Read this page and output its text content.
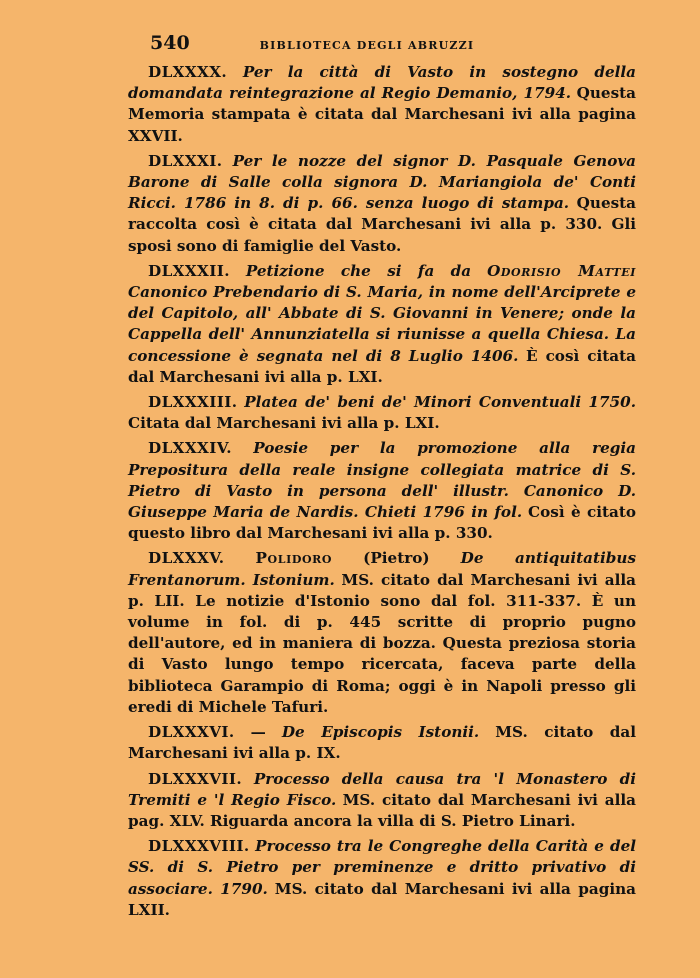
540	BIBLIOTECA DEGLI ABRUZZI

DLXXXX. Per la città di Vasto in sostegno della domandata reintegrazione al Regio Demanio, 1794. Questa Memoria stampata è citata dal Marchesani ivi alla pagina XXVII.

DLXXXI. Per le nozze del signor D. Pasquale Genova Barone di Salle colla signora D. Mariangiola de' Conti Ricci. 1786 in 8. di p. 66. senza luogo di stampa. Questa raccolta così è citata dal Marchesani ivi alla p. 330. Gli sposi sono di famiglie del Vasto.

DLXXXII. Petizione che si fa da Odorisio Mattei Canonico Prebendario di S. Maria, in nome dell'Arciprete e del Capitolo, all' Abbate di S. Giovanni in Venere; onde la Cappella dell' Annunziatella si riunisse a quella Chiesa. La concessione è segnata nel di 8 Luglio 1406. È così citata dal Marchesani ivi alla p. LXI.

DLXXXIII. Platea de' beni de' Minori Conventuali 1750. Citata dal Marchesani ivi alla p. LXI.

DLXXXIV. Poesie per la promozione alla regia Prepositura della reale insigne collegiata matrice di S. Pietro di Vasto in persona dell' illustr. Canonico D. Giuseppe Maria de Nardis. Chieti 1796 in fol. Così è citato questo libro dal Marchesani ivi alla p. 330.

DLXXXV. Polidoro (Pietro) De antiquitatibus Frentanorum. Istonium. MS. citato dal Marchesani ivi alla p. LII. Le notizie d'Istonio sono dal fol. 311-337. È un volume in fol. di p. 445 scritte di proprio pugno dell'autore, ed in maniera di bozza. Questa preziosa storia di Vasto lungo tempo ricercata, faceva parte della biblioteca Garampio di Roma; oggi è in Napoli presso gli eredi di Michele Tafuri.

DLXXXVI. — De Episcopis Istonii. MS. citato dal Marchesani ivi alla p. IX.

DLXXXVII. Processo della causa tra 'l Monastero di Tremiti e 'l Regio Fisco. MS. citato dal Marchesani ivi alla pag. XLV. Riguarda ancora la villa di S. Pietro Linari.

DLXXXVIII. Processo tra le Congreghe della Carità e del SS. di S. Pietro per preminenze e dritto privativo di associare. 1790. MS. citato dal Marchesani ivi alla pagina LXII.
